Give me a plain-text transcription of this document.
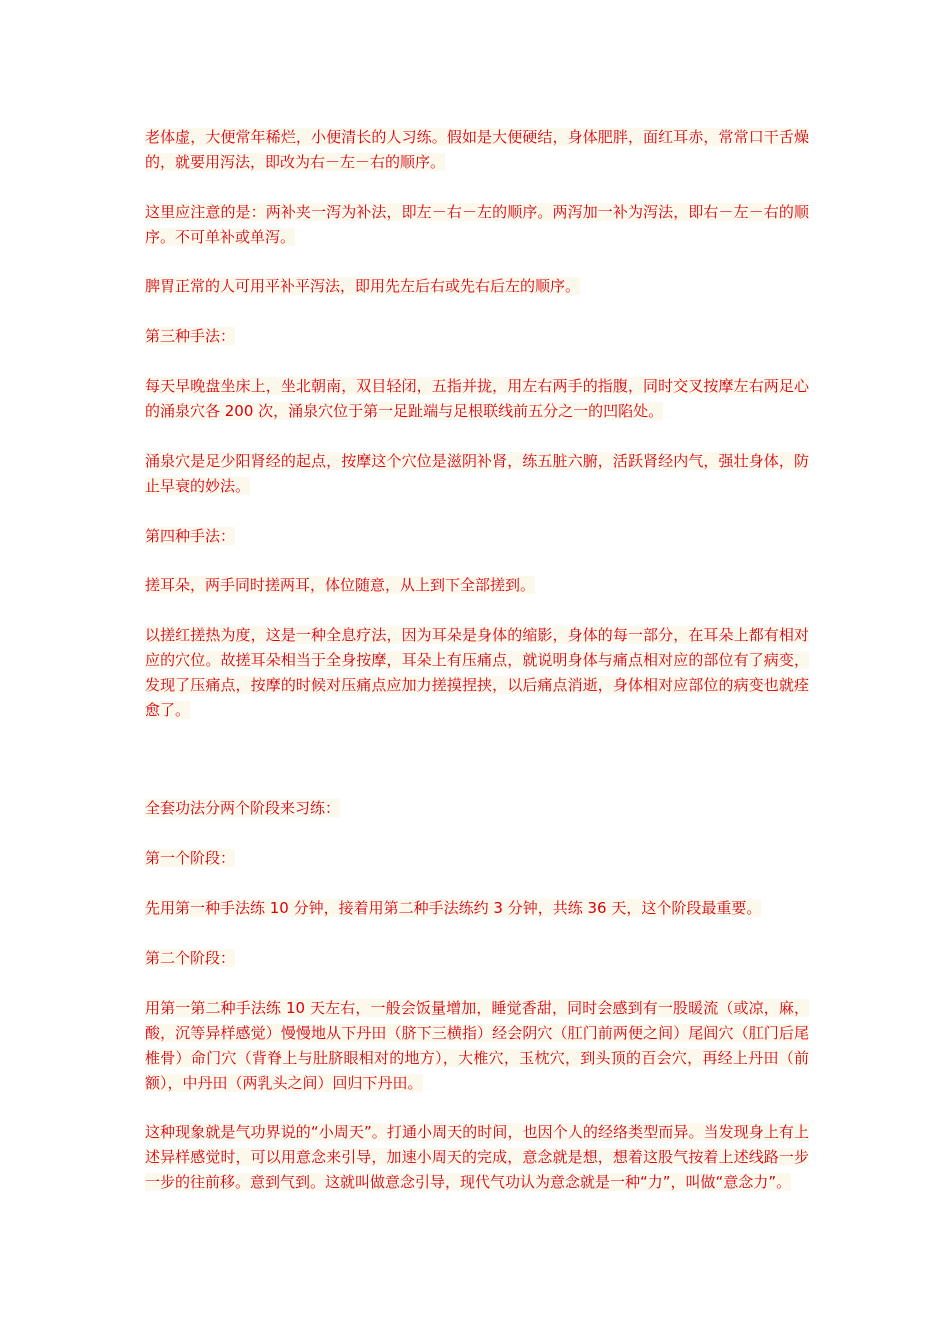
老体虚，大便常年稀烂，小便清长的人习练。假如是大便硬结，身体肥胖，面红耳赤，常常口干舌燥的，就要用泻法，即改为右－左－右的顺序。

这里应注意的是：两补夹一泻为补法，即左－右－左的顺序。两泻加一补为泻法，即右－左－右的顺序。不可单补或单泻。

脾胃正常的人可用平补平泻法，即用先左后右或先右后左的顺序。

第三种手法：

每天早晚盘坐床上，坐北朝南，双目轻闭，五指并拢，用左右两手的指腹，同时交叉按摩左右两足心的涌泉穴各 200 次，涌泉穴位于第一足趾端与足根联线前五分之一的凹陷处。

涌泉穴是足少阳肾经的起点，按摩这个穴位是滋阴补肾，练五脏六腑，活跃肾经内气，强壮身体，防止早衰的妙法。

第四种手法：

搓耳朵，两手同时搓两耳，体位随意，从上到下全部搓到。

以搓红搓热为度，这是一种全息疗法，因为耳朵是身体的缩影，身体的每一部分，在耳朵上都有相对应的穴位。故搓耳朵相当于全身按摩，耳朵上有压痛点，就说明身体与痛点相对应的部位有了病变，发现了压痛点，按摩的时候对压痛点应加力搓摸捏挟，以后痛点消逝，身体相对应部位的病变也就痊愈了。

全套功法分两个阶段来习练：

第一个阶段：

先用第一种手法练 10 分钟，接着用第二种手法练约 3 分钟，共练 36 天，这个阶段最重要。

第二个阶段：

用第一第二种手法练 10 天左右，一般会饭量增加，睡觉香甜，同时会感到有一股暖流（或凉，麻，酸，沉等异样感觉）慢慢地从下丹田（脐下三横指）经会阴穴（肛门前两便之间）尾闾穴（肛门后尾椎骨）命门穴（背脊上与肚脐眼相对的地方），大椎穴，玉枕穴，到头顶的百会穴，再经上丹田（前额），中丹田（两乳头之间）回归下丹田。

这种现象就是气功界说的“小周天”。打通小周天的时间，也因个人的经络类型而异。当发现身上有上述异样感觉时，可以用意念来引导，加速小周天的完成，意念就是想，想着这股气按着上述线路一步一步的往前移。意到气到。这就叫做意念引导，现代气功认为意念就是一种“力”，叫做“意念力”。
